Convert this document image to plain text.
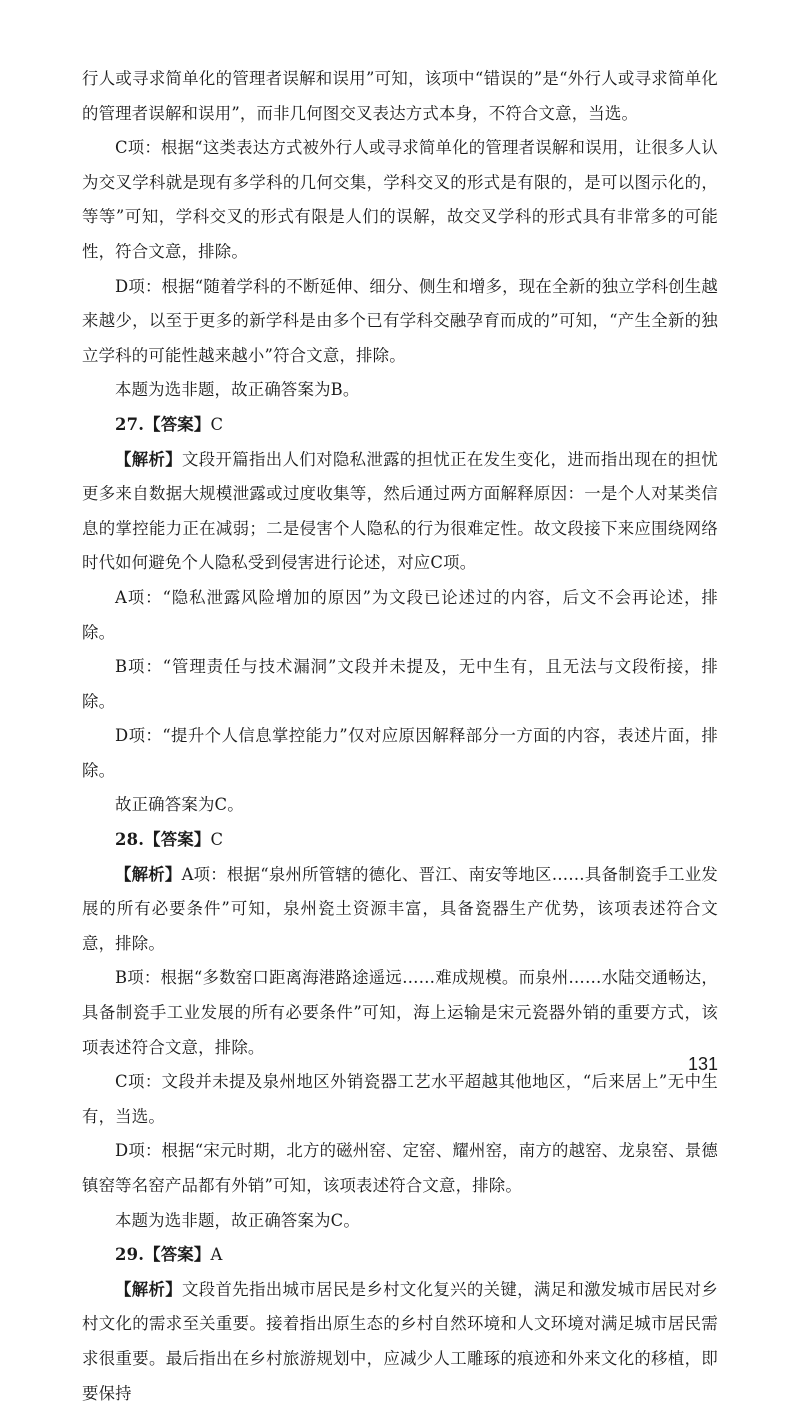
行人或寻求简单化的管理者误解和误用”可知，该项中“错误的”是“外行人或寻求简单化的管理者误解和误用”，而非几何图交叉表达方式本身，不符合文意，当选。

C项：根据“这类表达方式被外行人或寻求简单化的管理者误解和误用，让很多人认为交叉学科就是现有多学科的几何交集，学科交叉的形式是有限的，是可以图示化的，等等”可知，学科交叉的形式有限是人们的误解，故交叉学科的形式具有非常多的可能性，符合文意，排除。

D项：根据“随着学科的不断延伸、细分、侧生和增多，现在全新的独立学科创生越来越少，以至于更多的新学科是由多个已有学科交融孕育而成的”可知，“产生全新的独立学科的可能性越来越小”符合文意，排除。

本题为选非题，故正确答案为B。

27.【答案】C

【解析】文段开篇指出人们对隐私泄露的担忧正在发生变化，进而指出现在的担忧更多来自数据大规模泄露或过度收集等，然后通过两方面解释原因：一是个人对某类信息的掌控能力正在减弱；二是侵害个人隐私的行为很难定性。故文段接下来应围绕网络时代如何避免个人隐私受到侵害进行论述，对应C项。

A项：“隐私泄露风险增加的原因”为文段已论述过的内容，后文不会再论述，排除。

B项：“管理责任与技术漏洞”文段并未提及，无中生有，且无法与文段衔接，排除。

D项：“提升个人信息掌控能力”仅对应原因解释部分一方面的内容，表述片面，排除。

故正确答案为C。

28.【答案】C

【解析】A项：根据“泉州所管辖的德化、晋江、南安等地区……具备制瓷手工业发展的所有必要条件”可知，泉州瓷土资源丰富，具备瓷器生产优势，该项表述符合文意，排除。

B项：根据“多数窑口距离海港路途遥远……难成规模。而泉州……水陆交通畅达，具备制瓷手工业发展的所有必要条件”可知，海上运输是宋元瓷器外销的重要方式，该项表述符合文意，排除。

C项：文段并未提及泉州地区外销瓷器工艺水平超越其他地区，“后来居上”无中生有，当选。

D项：根据“宋元时期，北方的磁州窑、定窑、耀州窑，南方的越窑、龙泉窑、景德镇窑等名窑产品都有外销”可知，该项表述符合文意，排除。

本题为选非题，故正确答案为C。

29.【答案】A

【解析】文段首先指出城市居民是乡村文化复兴的关键，满足和激发城市居民对乡村文化的需求至关重要。接着指出原生态的乡村自然环境和人文环境对满足城市居民需求很重要。最后指出在乡村旅游规划中，应减少人工雕琢的痕迹和外来文化的移植，即要保持

131
